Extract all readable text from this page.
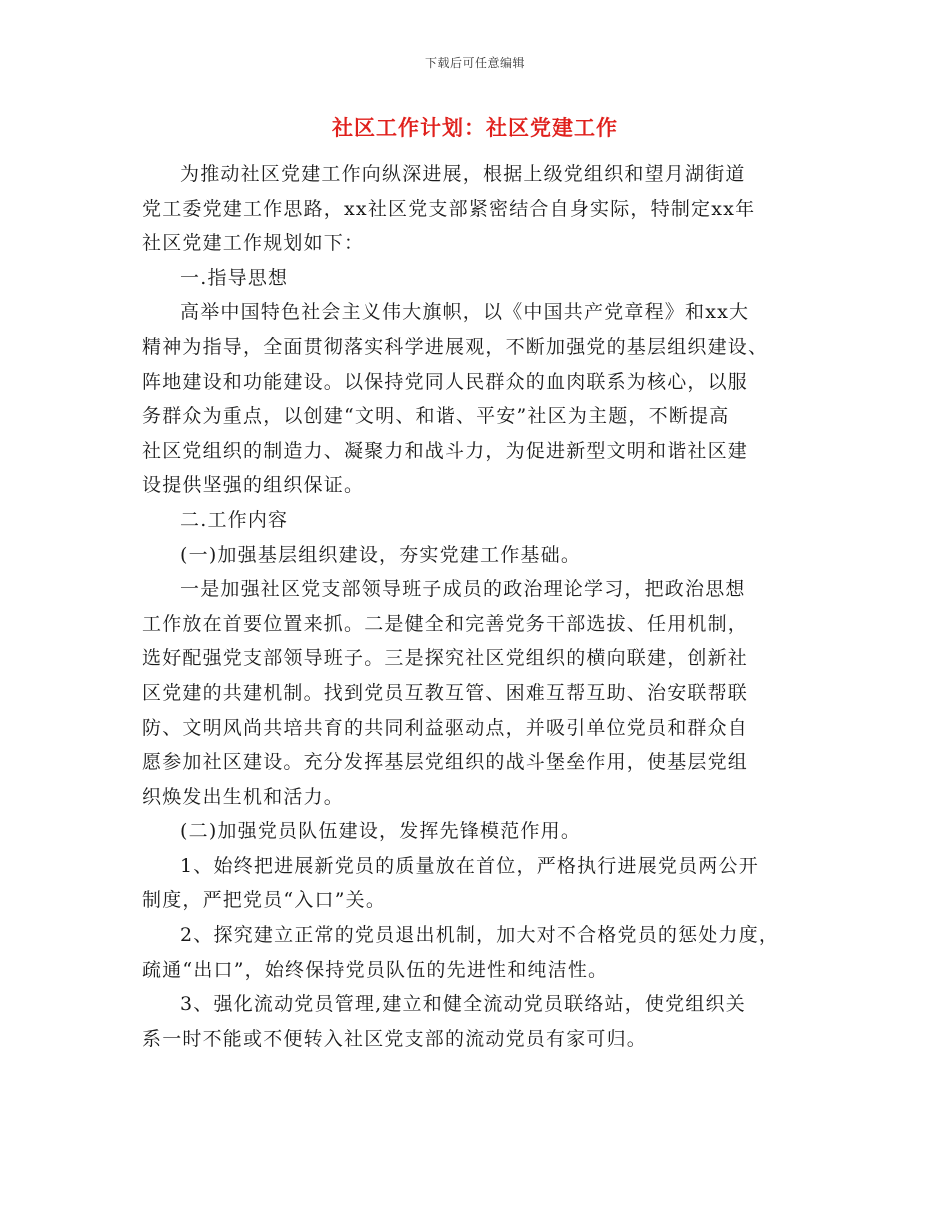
下载后可任意编辑
社区工作计划：社区党建工作

为推动社区党建工作向纵深进展，根据上级党组织和望月湖街道
党工委党建工作思路，xx社区党支部紧密结合自身实际，特制定xx年
社区党建工作规划如下：

一.指导思想

高举中国特色社会主义伟大旗帜，以《中国共产党章程》和xx大
精神为指导，全面贯彻落实科学进展观，不断加强党的基层组织建设、
阵地建设和功能建设。以保持党同人民群众的血肉联系为核心，以服
务群众为重点，以创建“文明、和谐、平安”社区为主题，不断提高
社区党组织的制造力、凝聚力和战斗力，为促进新型文明和谐社区建
设提供坚强的组织保证。

二.工作内容

(一)加强基层组织建设，夯实党建工作基础。

一是加强社区党支部领导班子成员的政治理论学习，把政治思想
工作放在首要位置来抓。二是健全和完善党务干部选拔、任用机制，
选好配强党支部领导班子。三是探究社区党组织的横向联建，创新社
区党建的共建机制。找到党员互教互管、困难互帮互助、治安联帮联
防、文明风尚共培共育的共同利益驱动点，并吸引单位党员和群众自
愿参加社区建设。充分发挥基层党组织的战斗堡垒作用，使基层党组
织焕发出生机和活力。

(二)加强党员队伍建设，发挥先锋模范作用。

1、始终把进展新党员的质量放在首位，严格执行进展党员两公开
制度，严把党员“入口”关。

2、探究建立正常的党员退出机制，加大对不合格党员的惩处力度，
疏通“出口”，始终保持党员队伍的先进性和纯洁性。

3、强化流动党员管理,建立和健全流动党员联络站，使党组织关
系一时不能或不便转入社区党支部的流动党员有家可归。
